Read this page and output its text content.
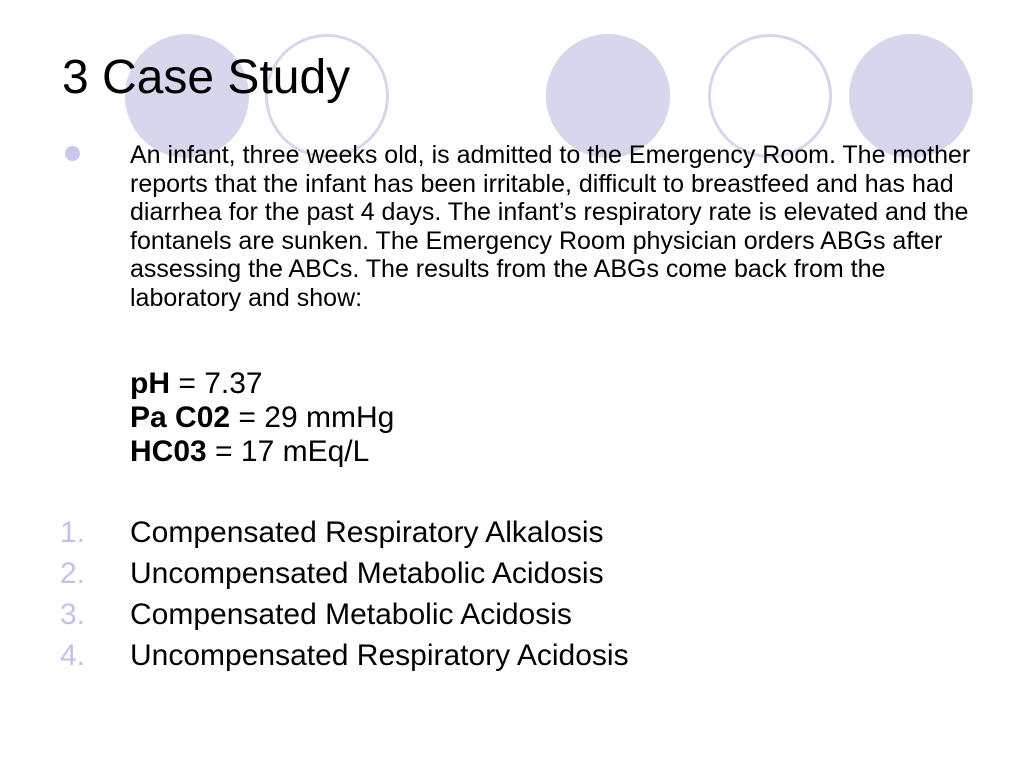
3 Case Study

An infant, three weeks old, is admitted to the Emergency Room. The mother reports that the infant has been irritable, difficult to breastfeed and has had diarrhea for the past 4 days. The infant’s respiratory rate is elevated and the fontanels are sunken. The Emergency Room physician orders ABGs after assessing the ABCs. The results from the ABGs come back from the laboratory and show:

pH = 7.37
Pa C02 = 29 mmHg
HC03 = 17 mEq/L
1. Compensated Respiratory Alkalosis
2. Uncompensated Metabolic Acidosis
3. Compensated Metabolic Acidosis
4. Uncompensated Respiratory Acidosis
